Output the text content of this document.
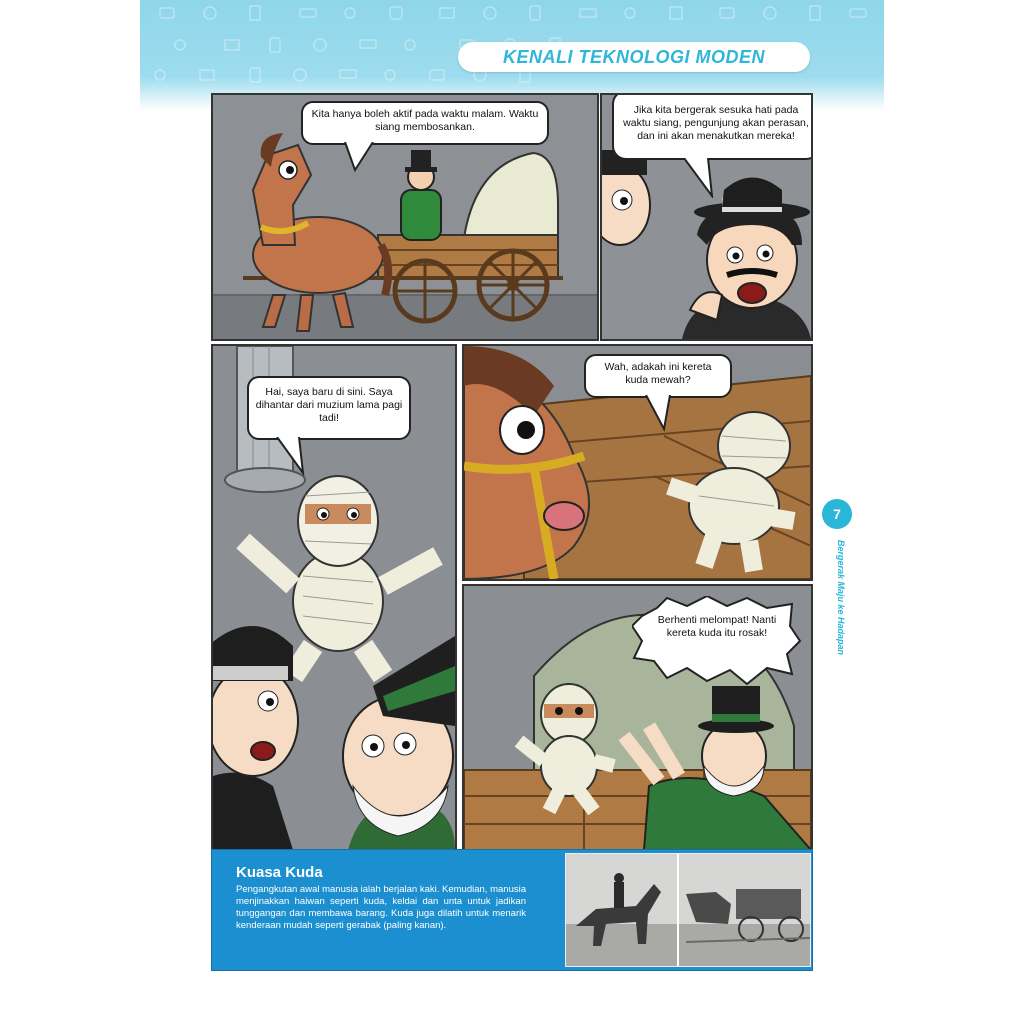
KENALI TEKNOLOGI MODEN
Kita hanya boleh aktif pada waktu malam. Waktu siang membosankan.
Jika kita bergerak sesuka hati pada waktu siang, pengunjung akan perasan, dan ini akan menakutkan mereka!
Hai, saya baru di sini. Saya dihantar dari muzium lama pagi tadi!
Wah, adakah ini kereta kuda mewah?
Berhenti melompat! Nanti kereta kuda itu rosak!
7
Bergerak Maju ke Hadapan
Kuasa Kuda
Pengangkutan awal manusia ialah berjalan kaki. Kemudian, manusia menjinakkan haiwan seperti kuda, keldai dan unta untuk jadikan tunggangan dan membawa barang. Kuda juga dilatih untuk menarik kenderaan mudah seperti gerabak (paling kanan).
